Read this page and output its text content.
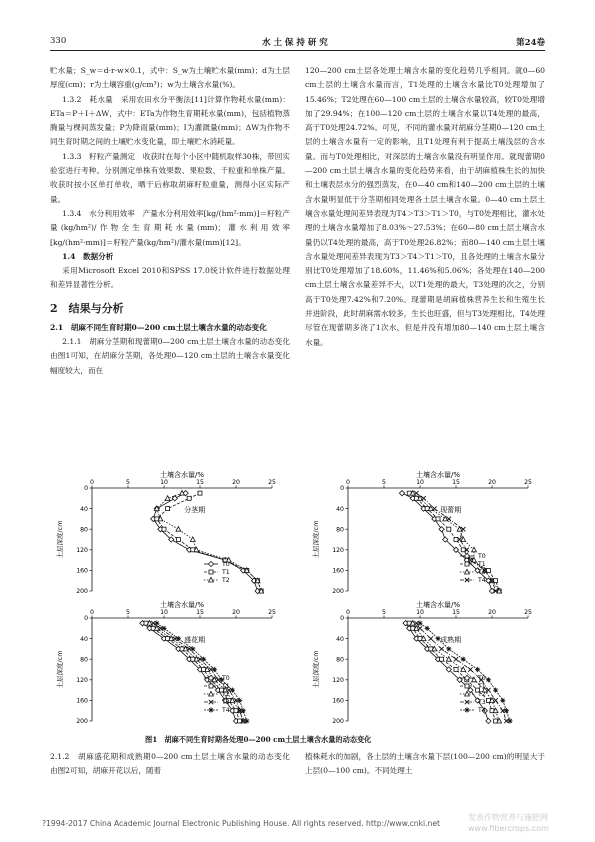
330	水 土 保 持 研 究	第24卷

贮水量；S_w＝d·r·w×0.1，式中：S_w为土壤贮水量(mm)；d为土层厚度(cm)；r为土壤容重(g/cm³)；w为土壤含水量(%)。

1.3.2　耗水量　采用农田水分平衡法[11]计算作物耗水量(mm)：ETa＝P＋I＋ΔW，式中：ETa为作物生育期耗水量(mm)，包括植物蒸腾量与棵间蒸发量；P为降雨量(mm)；I为灌溉量(mm)；ΔW为作物不同生育时期之间的土壤贮水变化量，即土壤贮水消耗量。

1.3.3　籽粒产量测定　收获时在每个小区中随机取样30株，带回实验室进行考种。分别测定单株有效果数、果粒数、千粒重和单株产量。收获时按小区单打单收，晒干后称取胡麻籽粒重量，测得小区实际产量。

1.3.4　水分利用效率　产量水分利用效率[kg/(hm²·mm)]＝籽粒产量(kg/hm²)/作物全生育期耗水量(mm)；灌水利用效率[kg/(hm²·mm)]＝籽粒产量(kg/hm²)/灌水量(mm)[12]。

1.4　数据分析

采用Microsoft Excel 2010和SPSS 17.0统计软件进行数据处理和差异显著性分析。

2　结果与分析

2.1　胡麻不同生育时期0—200 cm土层土壤含水量的动态变化

2.1.1　胡麻分茎期和现蕾期0—200 cm土层土壤含水量的动态变化　由图1可知，在胡麻分茎期，各处理0—120 cm土层的土壤含水量变化幅度较大，而在

120—200 cm土层各处理土壤含水量的变化趋势几乎相同。就0—60 cm土层的土壤含水量而言，T1处理的土壤含水量比T0处理增加了15.46%；T2处理在60—100 cm土层的土壤含水量较高，较T0处理增加了29.94%；在100—120 cm土层的土壤含水量以T4处理的最高，高于T0处理24.72%。可见，不同的灌水量对胡麻分茎期0—120 cm土层的土壤含水量有一定的影响，且T1处理有利于提高土壤浅层的含水量。而与T0处理相比，对深层的土壤含水量没有明显作用。就现蕾期0—200 cm土层土壤含水量的变化趋势来看，由于胡麻植株生长的加快和土壤表层水分的强烈蒸发，在0—40 cm和140—200 cm土层的土壤含水量明显低于分茎期相同处理各土层土壤含水量。0—40 cm土层土壤含水量处理间差异表现为T4＞T3＞T1＞T0，与T0处理相比，灌水处理的土壤含水量增加了8.03%～27.53%；在60—80 cm土层土壤含水量仍以T4处理的最高，高于T0处理26.82%；而80—140 cm土层土壤含水量处理间差异表现为T3＞T4＞T1＞T0，且各处理的土壤含水量分别比T0处理增加了18.60%，11.46%和5.06%；各处理在140—200 cm土层土壤含水量差异不大，以T1处理的最大，T3处理的次之，分别高于T0处理7.42%和7.20%。现蕾期是胡麻植株营养生长和生殖生长并进阶段，此时胡麻需水较多，生长也旺盛，但与T3处理相比，T4处理尽管在现蕾期多浇了1次水，但是并没有增加80—140 cm土层土壤含水量。

土壤含水量/%
0	5	10	15	20	25
0
40
80
120
160
200
土层深度/cm
分茎期
T0
T1
T2
土壤含水量/%
0	5	10	15	20	25
0
40
80
120
160
200
土层深度/cm
现蕾期
T0
T1
T3
T4
土壤含水量/%
0	5	10	15	20	25
0
40
80
120
160
200
土层深度/cm
盛花期
T0
T1
T2
T3
T4
土壤含水量/%
0	5	10	15	20	25
0
40
80
120
160
200
土层深度/cm
成熟期
T0
T1
T2
T3
T4
图1　胡麻不同生育时期各处理0—200 cm土层土壤含水量的动态变化
2.1.2　胡麻盛花期和成熟期0—200 cm土层土壤含水量的动态变化　由图2可知，胡麻开花以后，随着
植株耗水的加剧，各土层的土壤含水量下层(100—200 cm)的明显大于上层(0—100 cm)。不同处理土
?1994-2017 China Academic Journal Electronic Publishing House. All rights reserved. http://www.cnki.net
发表作物营养与施肥网 www.fibercrops.com
